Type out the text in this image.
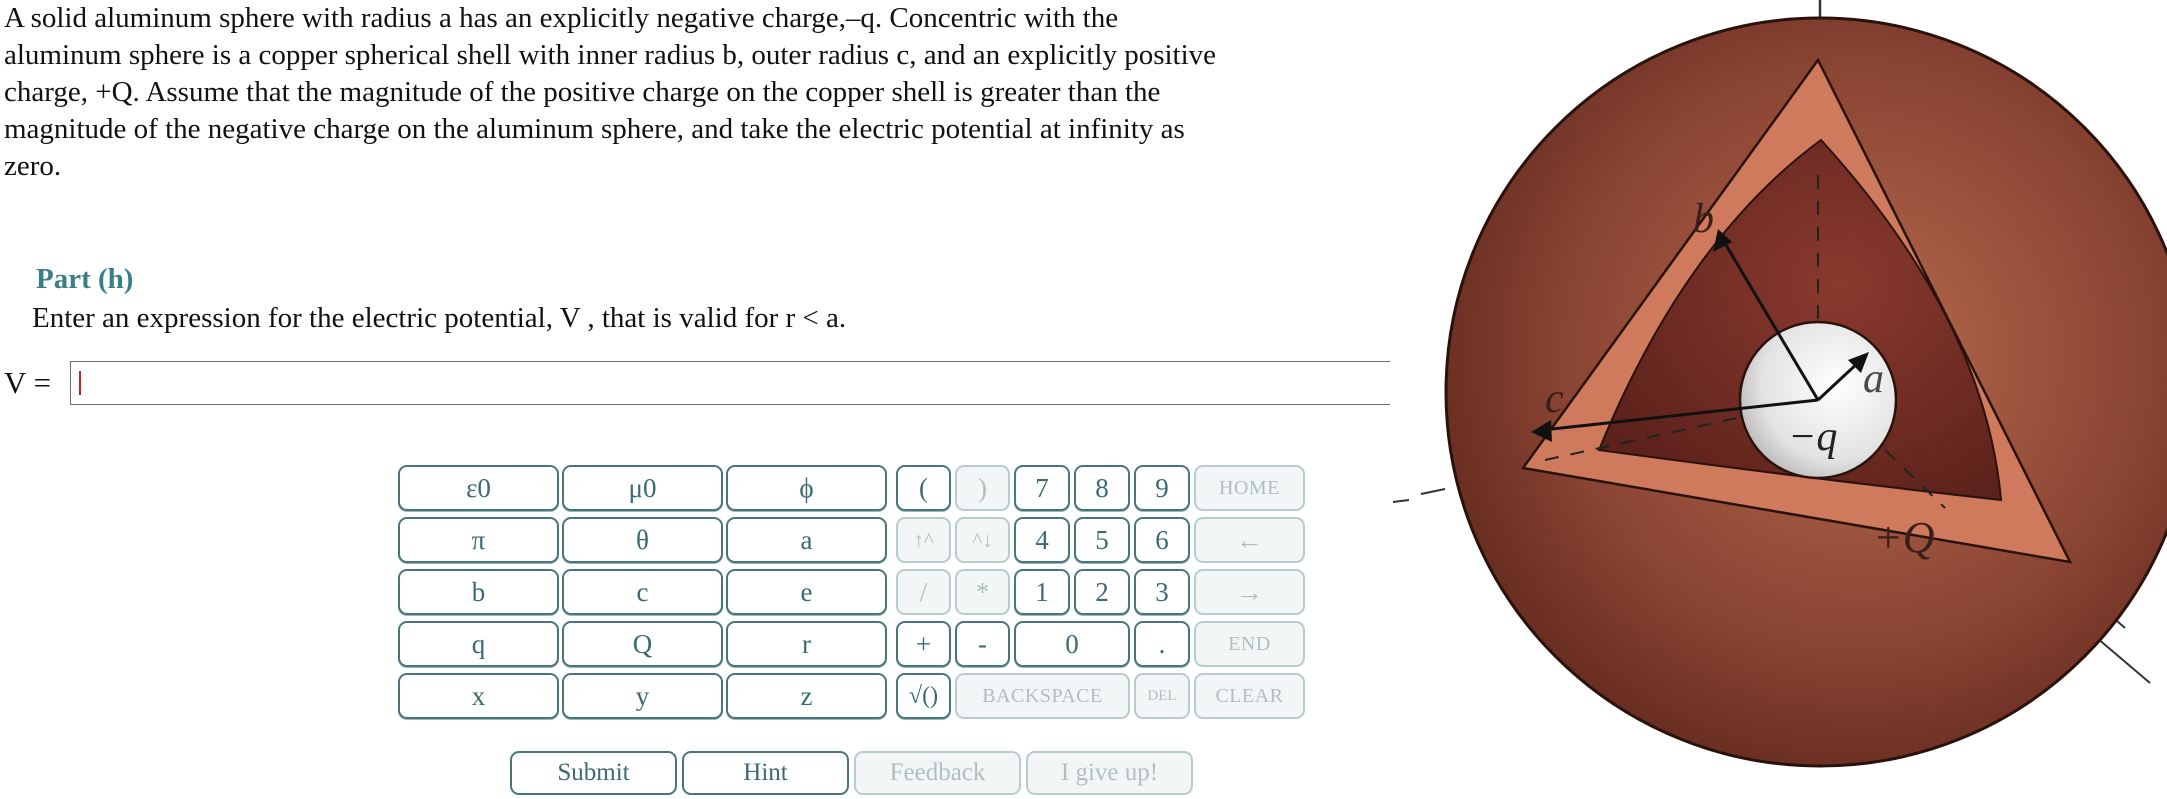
A solid aluminum sphere with radius a has an explicitly negative charge,–q. Concentric with the
aluminum sphere is a copper spherical shell with inner radius b, outer radius c, and an explicitly positive
charge, +Q. Assume that the magnitude of the positive charge on the copper shell is greater than the
magnitude of the negative charge on the aluminum sphere, and take the electric potential at infinity as
zero.
Part (h)
Enter an expression for the electric potential, V , that is valid for r < a.
V =
ε0	μ0	ϕ
π	θ	a
b	c	e
q	Q	r
x	y	z
(	)
↑^	^↓
/	*
+	-
√()
7	8	9
4	5	6
1	2	3
0	.
HOME
←
→
END
BACKSPACE	DEL	CLEAR
Submit	Hint	Feedback	I give up!
b
a
c
−q
+Q
